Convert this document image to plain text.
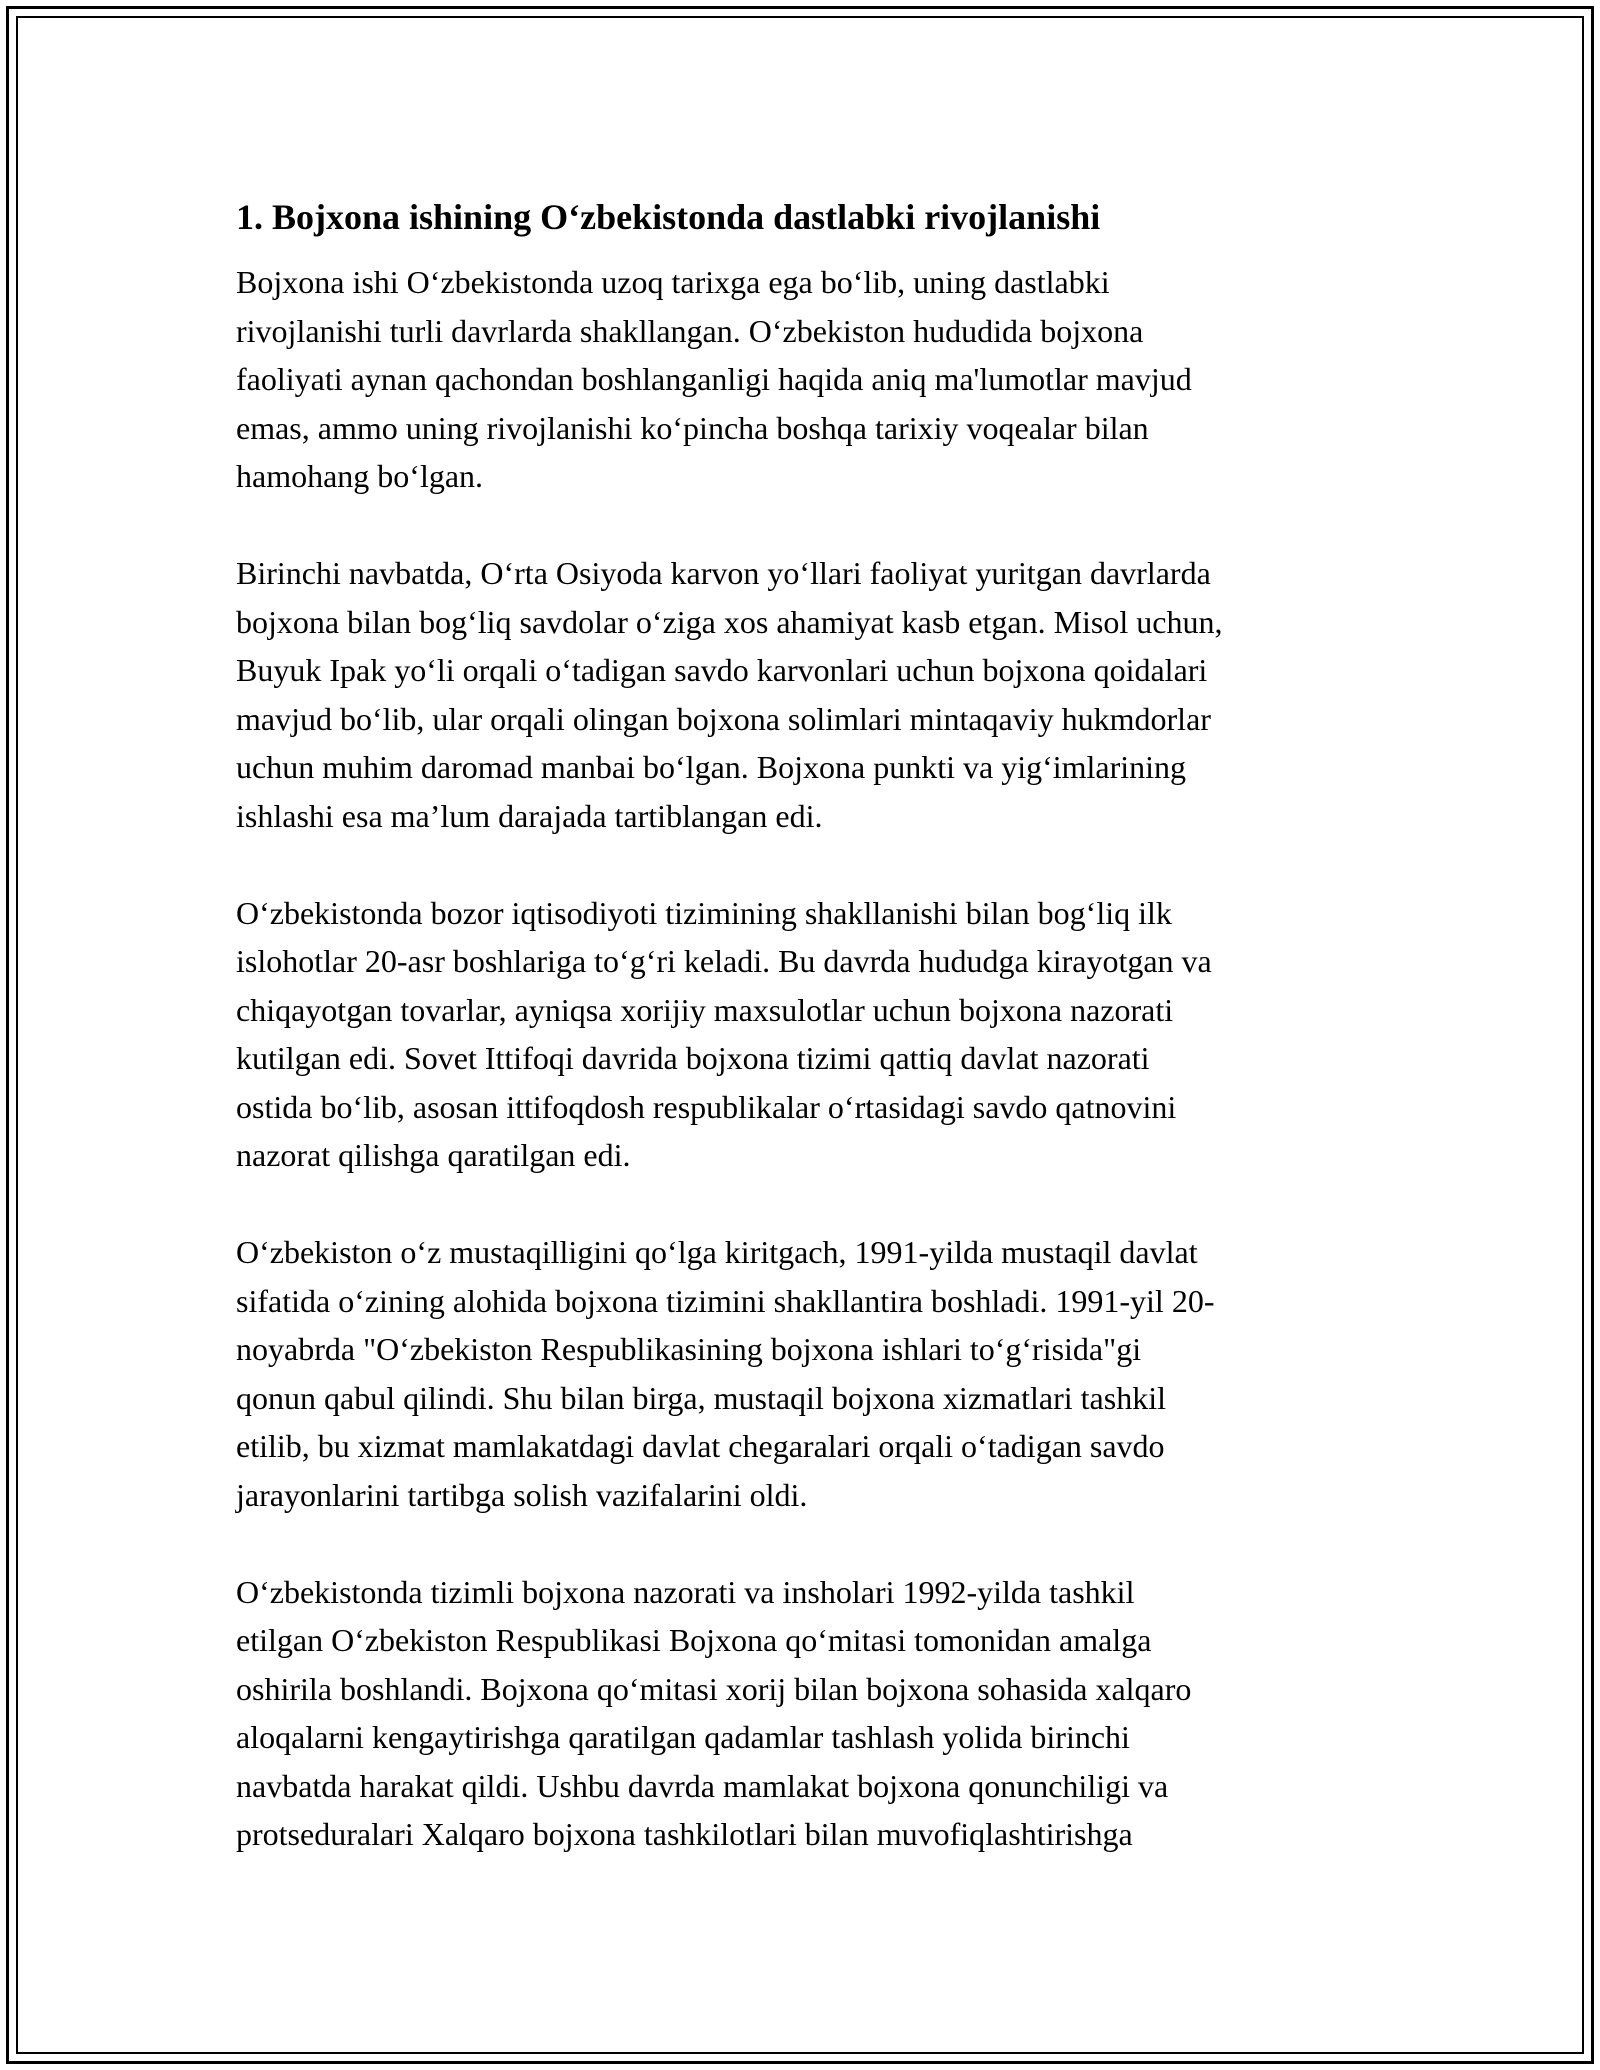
1. Bojxona ishining O‘zbekistonda dastlabki rivojlanishi
Bojxona ishi O‘zbekistonda uzoq tarixga ega bo‘lib, uning dastlabki
rivojlanishi turli davrlarda shakllangan. O‘zbekiston hududida bojxona
faoliyati aynan qachondan boshlanganligi haqida aniq ma'lumotlar mavjud
emas, ammo uning rivojlanishi ko‘pincha boshqa tarixiy voqealar bilan
hamohang bo‘lgan.
Birinchi navbatda, O‘rta Osiyoda karvon yo‘llari faoliyat yuritgan davrlarda
bojxona bilan bog‘liq savdolar o‘ziga xos ahamiyat kasb etgan. Misol uchun,
Buyuk Ipak yo‘li orqali o‘tadigan savdo karvonlari uchun bojxona qoidalari
mavjud bo‘lib, ular orqali olingan bojxona solimlari mintaqaviy hukmdorlar
uchun muhim daromad manbai bo‘lgan. Bojxona punkti va yig‘imlarining
ishlashi esa ma’lum darajada tartiblangan edi.
O‘zbekistonda bozor iqtisodiyoti tizimining shakllanishi bilan bog‘liq ilk
islohotlar 20-asr boshlariga to‘g‘ri keladi. Bu davrda hududga kirayotgan va
chiqayotgan tovarlar, ayniqsa xorijiy maxsulotlar uchun bojxona nazorati
kutilgan edi. Sovet Ittifoqi davrida bojxona tizimi qattiq davlat nazorati
ostida bo‘lib, asosan ittifoqdosh respublikalar o‘rtasidagi savdo qatnovini
nazorat qilishga qaratilgan edi.
O‘zbekiston o‘z mustaqilligini qo‘lga kiritgach, 1991-yilda mustaqil davlat
sifatida o‘zining alohida bojxona tizimini shakllantira boshladi. 1991-yil 20-
noyabrda "O‘zbekiston Respublikasining bojxona ishlari to‘g‘risida"gi
qonun qabul qilindi. Shu bilan birga, mustaqil bojxona xizmatlari tashkil
etilib, bu xizmat mamlakatdagi davlat chegaralari orqali o‘tadigan savdo
jarayonlarini tartibga solish vazifalarini oldi.
O‘zbekistonda tizimli bojxona nazorati va insholari 1992-yilda tashkil
etilgan O‘zbekiston Respublikasi Bojxona qo‘mitasi tomonidan amalga
oshirila boshlandi. Bojxona qo‘mitasi xorij bilan bojxona sohasida xalqaro
aloqalarni kengaytirishga qaratilgan qadamlar tashlash yolida birinchi
navbatda harakat qildi. Ushbu davrda mamlakat bojxona qonunchiligi va
protseduralari Xalqaro bojxona tashkilotlari bilan muvofiqlashtirishga
